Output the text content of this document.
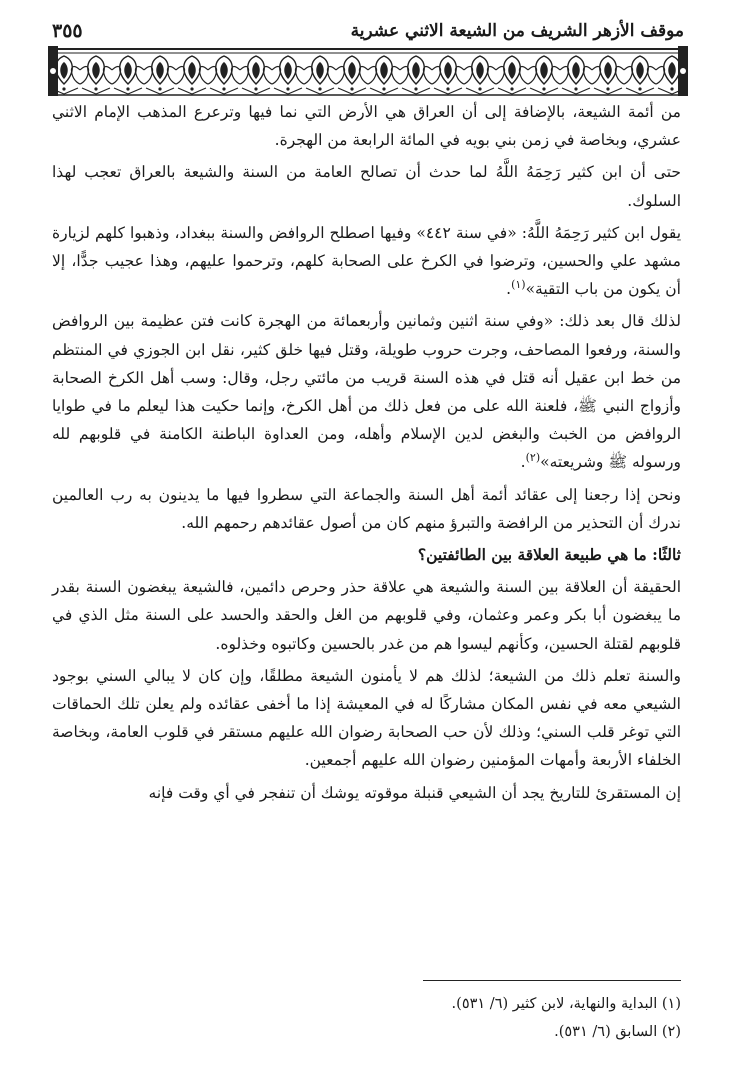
٣٥٥	موقف الأزهر الشريف من الشيعة الاثني عشرية

من أئمة الشيعة، بالإضافة إلى أن العراق هي الأرض التي نما فيها وترعرع المذهب الإمام الاثني عشري، وبخاصة في زمن بني بويه في المائة الرابعة من الهجرة.

حتى أن ابن كثير رَحِمَهُ اللَّهُ لما حدث أن تصالح العامة من السنة والشيعة بالعراق تعجب لهذا السلوك.

يقول ابن كثير رَحِمَهُ اللَّهُ: «في سنة ٤٤٢» وفيها اصطلح الروافض والسنة ببغداد، وذهبوا كلهم لزيارة مشهد علي والحسين، وترضوا في الكرخ على الصحابة كلهم، وترحموا عليهم، وهذا عجيب جدًّا، إلا أن يكون من باب التقية»$^{(١)}$.

لذلك قال بعد ذلك: «وفي سنة اثنين وثمانين وأربعمائة من الهجرة كانت فتن عظيمة بين الروافض والسنة، ورفعوا المصاحف، وجرت حروب طويلة، وقتل فيها خلق كثير، نقل ابن الجوزي في المنتظم من خط ابن عقيل أنه قتل في هذه السنة قريب من مائتي رجل، وقال: وسب أهل الكرخ الصحابة وأزواج النبي ﷺ، فلعنة الله على من فعل ذلك من أهل الكرخ، وإنما حكيت هذا ليعلم ما في طوايا الروافض من الخبث والبغض لدين الإسلام وأهله، ومن العداوة الباطنة الكامنة في قلوبهم لله ورسوله ﷺ وشريعته»$^{(٢)}$.

ونحن إذا رجعنا إلى عقائد أئمة أهل السنة والجماعة التي سطروا فيها ما يدينون به رب العالمين ندرك أن التحذير من الرافضة والتبرؤ منهم كان من أصول عقائدهم رحمهم الله.

ثالثًا: ما هي طبيعة العلاقة بين الطائفتين؟

الحقيقة أن العلاقة بين السنة والشيعة هي علاقة حذر وحرص دائمين، فالشيعة يبغضون السنة بقدر ما يبغضون أبا بكر وعمر وعثمان، وفي قلوبهم من الغل والحقد والحسد على السنة مثل الذي في قلوبهم لقتلة الحسين، وكأنهم ليسوا هم من غدر بالحسين وكاتبوه وخذلوه.

والسنة تعلم ذلك من الشيعة؛ لذلك هم لا يأمنون الشيعة مطلقًا، وإن كان لا يبالي السني بوجود الشيعي معه في نفس المكان مشاركًا له في المعيشة إذا ما أخفى عقائده ولم يعلن تلك الحماقات التي توغر قلب السني؛ وذلك لأن حب الصحابة رضوان الله عليهم مستقر في قلوب العامة، وبخاصة الخلفاء الأربعة وأمهات المؤمنين رضوان الله عليهم أجمعين.

إن المستقرئ للتاريخ يجد أن الشيعي قنبلة موقوته يوشك أن تنفجر في أي وقت فإنه

(١) البداية والنهاية، لابن كثير (٦/ ٥٣١).
(٢) السابق (٦/ ٥٣١).
